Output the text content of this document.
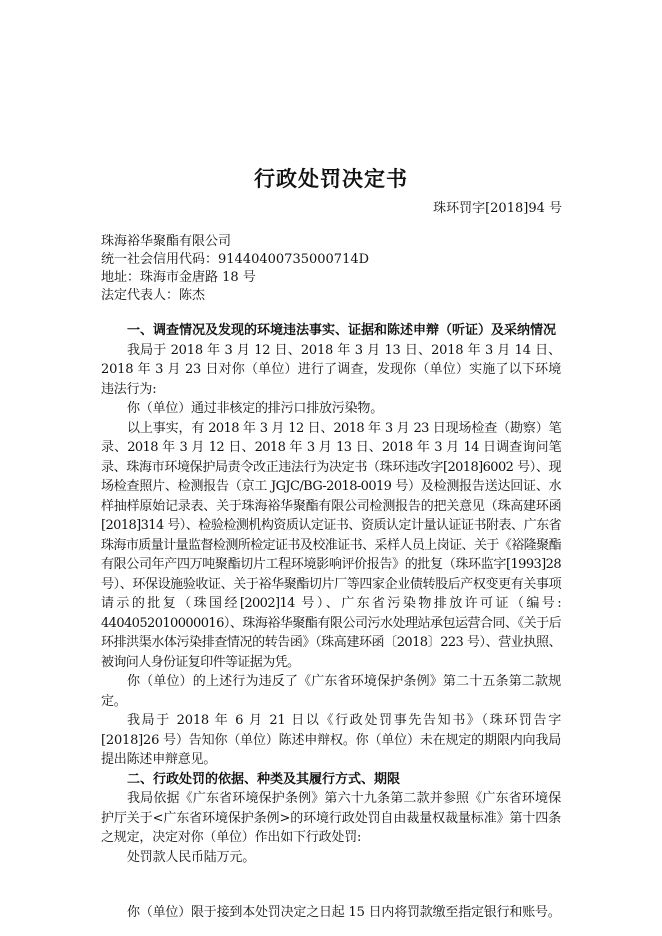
行政处罚决定书
珠环罚字[2018]94 号
珠海裕华聚酯有限公司
统一社会信用代码：91440400735000714D
地址：珠海市金唐路 18 号
法定代表人：陈杰
一、调查情况及发现的环境违法事实、证据和陈述申辩（听证）及采纳情况

我局于 2018 年 3 月 12 日、2018 年 3 月 13 日、2018 年 3 月 14 日、2018 年 3 月 23 日对你（单位）进行了调查，发现你（单位）实施了以下环境违法行为:

你（单位）通过非核定的排污口排放污染物。

以上事实，有 2018 年 3 月 12 日、2018 年 3 月 23 日现场检查（勘察）笔录、2018 年 3 月 12 日、2018 年 3 月 13 日、2018 年 3 月 14 日调查询问笔录、珠海市环境保护局责令改正违法行为决定书（珠环违改字[2018]6002 号）、现场检查照片、检测报告（京工 JGJC/BG-2018-0019 号）及检测报告送达回证、水样抽样原始记录表、关于珠海裕华聚酯有限公司检测报告的把关意见（珠高建环函[2018]314 号）、检验检测机构资质认定证书、资质认定计量认证证书附表、广东省珠海市质量计量监督检测所检定证书及校准证书、采样人员上岗证、关于《裕隆聚酯有限公司年产四万吨聚酯切片工程环境影响评价报告》的批复（珠环监字[1993]28 号）、环保设施验收证、关于裕华聚酯切片厂等四家企业债转股后产权变更有关事项请示的批复（珠国经[2002]14 号）、广东省污染物排放许可证（编号: 4404052010000016）、珠海裕华聚酯有限公司污水处理站承包运营合同、《关于后环排洪渠水体污染排查情况的转告函》（珠高建环函〔2018〕223 号）、营业执照、被询问人身份证复印件等证据为凭。

你（单位）的上述行为违反了《广东省环境保护条例》第二十五条第二款规定。

我局于 2018 年 6 月 21 日以《行政处罚事先告知书》（珠环罚告字[2018]26 号）告知你（单位）陈述申辩权。你（单位）未在规定的期限内向我局提出陈述申辩意见。

二、行政处罚的依据、种类及其履行方式、期限

我局依据《广东省环境保护条例》第六十九条第二款并参照《广东省环境保护厅关于<广东省环境保护条例>的环境行政处罚自由裁量权裁量标准》第十四条之规定，决定对你（单位）作出如下行政处罚:

处罚款人民币陆万元。

你（单位）限于接到本处罚决定之日起 15 日内将罚款缴至指定银行和账号。
